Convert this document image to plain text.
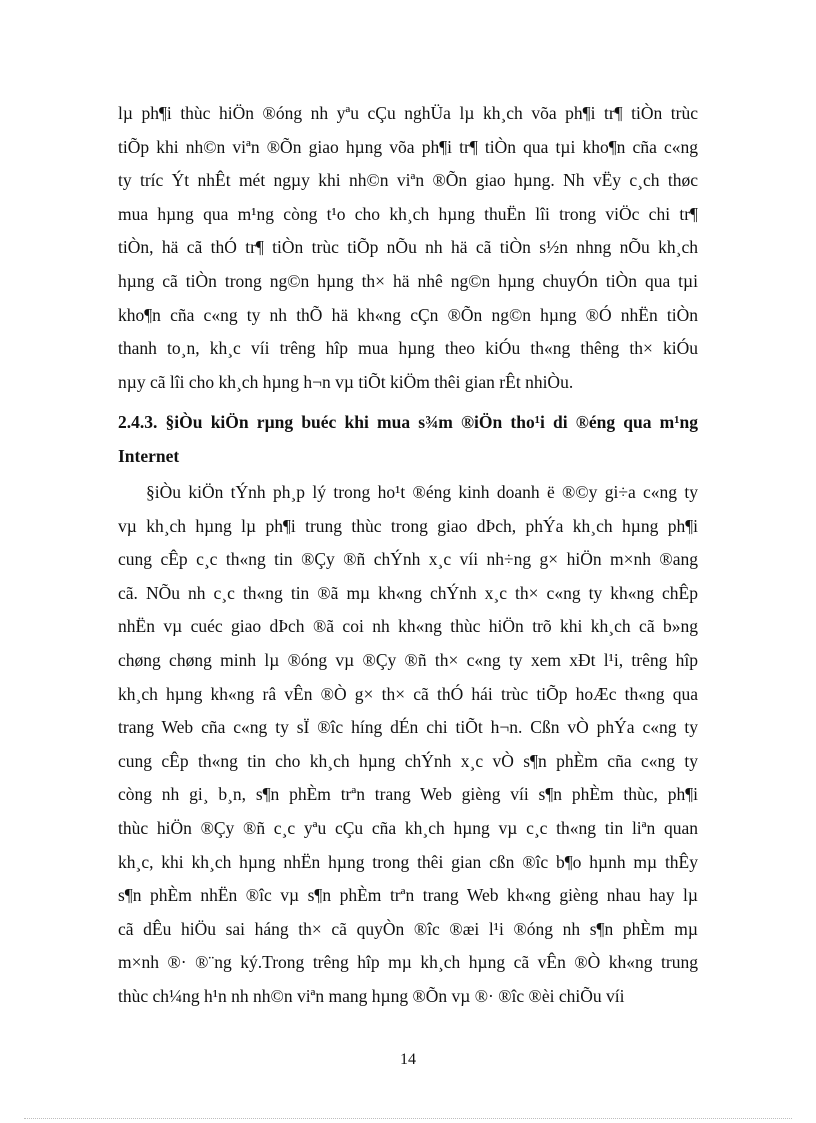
lµ ph¶i thùc hiÖn ®óng nh yªu cÇu nghÜa lµ kh¸ch võa ph¶i tr¶ tiÒn trùc
tiÕp khi nh©n viªn ®Õn giao hµng võa ph¶i tr¶ tiÒn qua tµi kho¶n cña c«ng
ty tríc Ýt nhÊt mét ngµy khi nh©n viªn ®Õn giao hµng. Nh vËy c¸ch thøc
mua hµng qua m¹ng còng t¹o cho kh¸ch hµng thuËn lîi trong viÖc chi tr¶
tiÒn, hä cã thÓ tr¶ tiÒn trùc tiÕp nÕu nh hä cã tiÒn s½n nhng nÕu kh¸ch
hµng cã tiÒn trong ng©n hµng th× hä nhê ng©n hµng chuyÓn tiÒn qua tµi
kho¶n cña c«ng ty nh thÕ hä kh«ng cÇn ®Õn ng©n hµng ®Ó nhËn tiÒn
thanh to¸n, kh¸c víi trêng hîp mua hµng theo kiÓu th«ng thêng th× kiÓu
nµy cã lîi cho kh¸ch hµng h¬n vµ tiÕt kiÖm thêi gian rÊt nhiÒu.
2.4.3. §iÒu kiÖn rµng buéc khi mua s¾m ®iÖn tho¹i di ®éng qua m¹ng
Internet
§iÒu kiÖn tÝnh ph¸p lý trong ho¹t ®éng kinh doanh ë ®©y gi÷a c«ng ty
vµ kh¸ch hµng lµ ph¶i trung thùc trong giao dÞch, phÝa kh¸ch hµng ph¶i
cung cÊp c¸c th«ng tin ®Çy ®ñ chÝnh x¸c víi nh÷ng g× hiÖn m×nh ®ang
cã. NÕu nh c¸c th«ng tin ®ã mµ kh«ng chÝnh x¸c th× c«ng ty kh«ng chÊp
nhËn vµ cuéc giao dÞch ®ã coi nh kh«ng thùc hiÖn trõ khi kh¸ch cã b»ng
chøng chøng minh lµ ®óng vµ ®Çy ®ñ th× c«ng ty xem xÐt l¹i, trêng hîp
kh¸ch hµng kh«ng râ vÊn ®Ò g× th× cã thÓ hái trùc tiÕp hoÆc th«ng qua
trang Web cña c«ng ty sÏ ®îc híng dÉn chi tiÕt h¬n. Cßn vÒ phÝa c«ng ty
cung cÊp th«ng tin cho kh¸ch hµng chÝnh x¸c vÒ s¶n phÈm cña c«ng ty
còng nh gi¸ b¸n, s¶n phÈm trªn trang Web gièng víi s¶n phÈm thùc, ph¶i
thùc hiÖn ®Çy ®ñ c¸c yªu cÇu cña kh¸ch hµng vµ c¸c th«ng tin liªn quan
kh¸c, khi kh¸ch hµng nhËn hµng trong thêi gian cßn ®îc b¶o hµnh mµ thÊy
s¶n phÈm nhËn ®îc vµ s¶n phÈm trªn trang Web kh«ng gièng nhau hay lµ
cã dÊu hiÖu sai háng th× cã quyÒn ®îc ®æi l¹i ®óng nh s¶n phÈm mµ
m×nh ®· ®¨ng ký.Trong trêng hîp mµ kh¸ch hµng cã vÊn ®Ò kh«ng trung
thùc ch¼ng h¹n nh nh©n viªn mang hµng ®Õn vµ ®· ®îc ®èi chiÕu víi
14
